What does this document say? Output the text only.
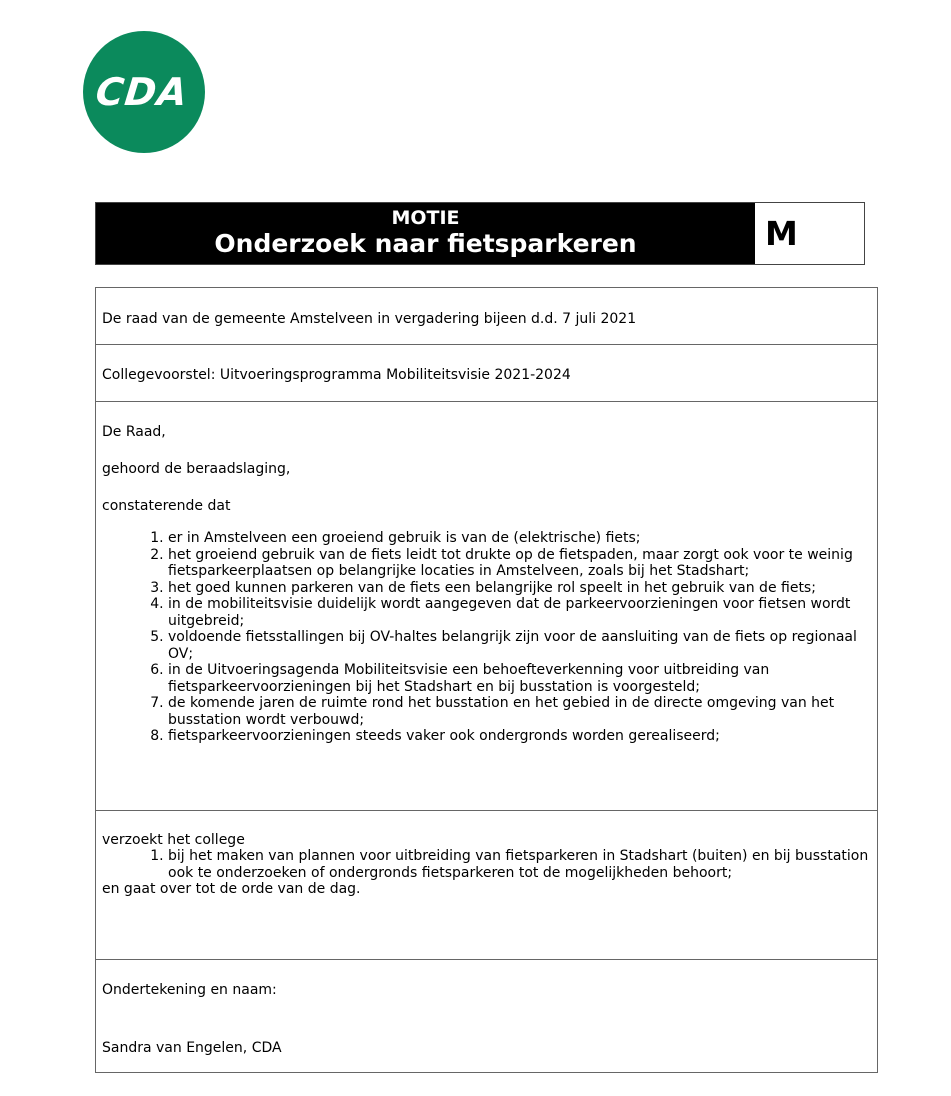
CDA
MOTIE
Onderzoek naar fietsparkeren	M

De raad van de gemeente Amstelveen in vergadering bijeen d.d. 7 juli 2021

Collegevoorstel: Uitvoeringsprogramma Mobiliteitsvisie 2021-2024

De Raad,

gehoord de beraadslaging,

constaterende dat

1. er in Amstelveen een groeiend gebruik is van de (elektrische) fiets;
2. het groeiend gebruik van de fiets leidt tot drukte op de fietspaden, maar zorgt ook voor te weinig fietsparkeerplaatsen op belangrijke locaties in Amstelveen, zoals bij het Stadshart;
3. het goed kunnen parkeren van de fiets een belangrijke rol speelt in het gebruik van de fiets;
4. in de mobiliteitsvisie duidelijk wordt aangegeven dat de parkeervoorzieningen voor fietsen wordt uitgebreid;
5. voldoende fietsstallingen bij OV-haltes belangrijk zijn voor de aansluiting van de fiets op regionaal OV;
6. in de Uitvoeringsagenda Mobiliteitsvisie een behoefteverkenning voor uitbreiding van fietsparkeervoorzieningen bij het Stadshart en bij busstation is voorgesteld;
7. de komende jaren de ruimte rond het busstation en het gebied in de directe omgeving van het busstation wordt verbouwd;
8. fietsparkeervoorzieningen steeds vaker ook ondergronds worden gerealiseerd;

verzoekt het college

1. bij het maken van plannen voor uitbreiding van fietsparkeren in Stadshart (buiten) en bij busstation ook te onderzoeken of ondergronds fietsparkeren tot de mogelijkheden behoort;

en gaat over tot de orde van de dag.

Ondertekening en naam:

Sandra van Engelen, CDA
